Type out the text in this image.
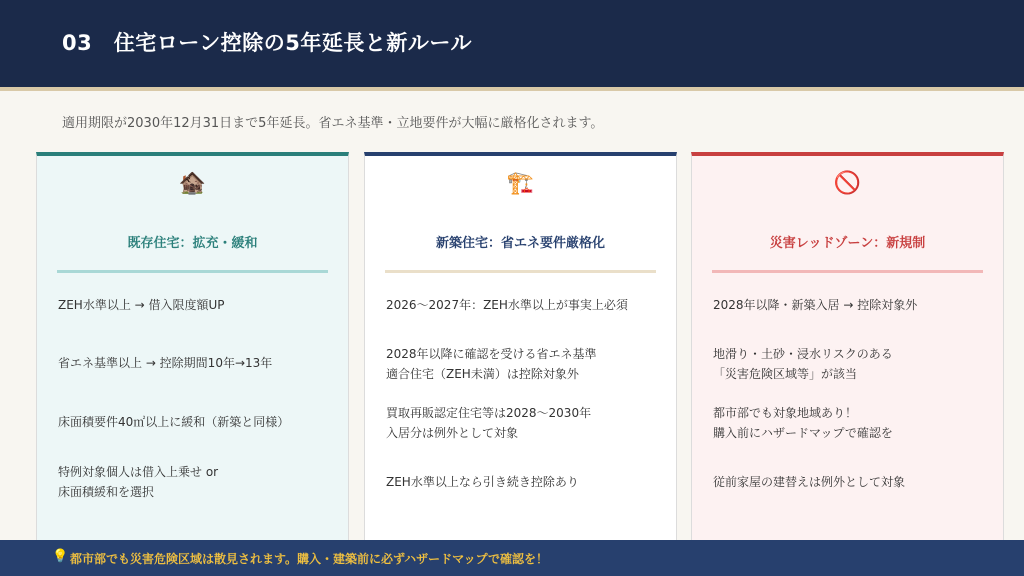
03　住宅ローン控除の5年延長と新ルール
適用期限が2030年12月31日まで5年延長。省エネ基準・立地要件が大幅に厳格化されます。
🏚️
既存住宅：拡充・緩和
ZEH水準以上 → 借入限度額UP
省エネ基準以上 → 控除期間10年→13年
床面積要件40㎡以上に緩和（新築と同様）
特例対象個人は借入上乗せ or
床面積緩和を選択
🏗️
新築住宅：省エネ要件厳格化
2026〜2027年：ZEH水準以上が事実上必須
2028年以降に確認を受ける省エネ基準
適合住宅（ZEH未満）は控除対象外
買取再販認定住宅等は2028〜2030年
入居分は例外として対象
ZEH水準以上なら引き続き控除あり
🚫
災害レッドゾーン：新規制
2028年以降・新築入居 → 控除対象外
地滑り・土砂・浸水リスクのある
「災害危険区域等」が該当
都市部でも対象地域あり！
購入前にハザードマップで確認を
従前家屋の建替えは例外として対象
💡 都市部でも災害危険区域は散見されます。購入・建築前に必ずハザードマップで確認を！
